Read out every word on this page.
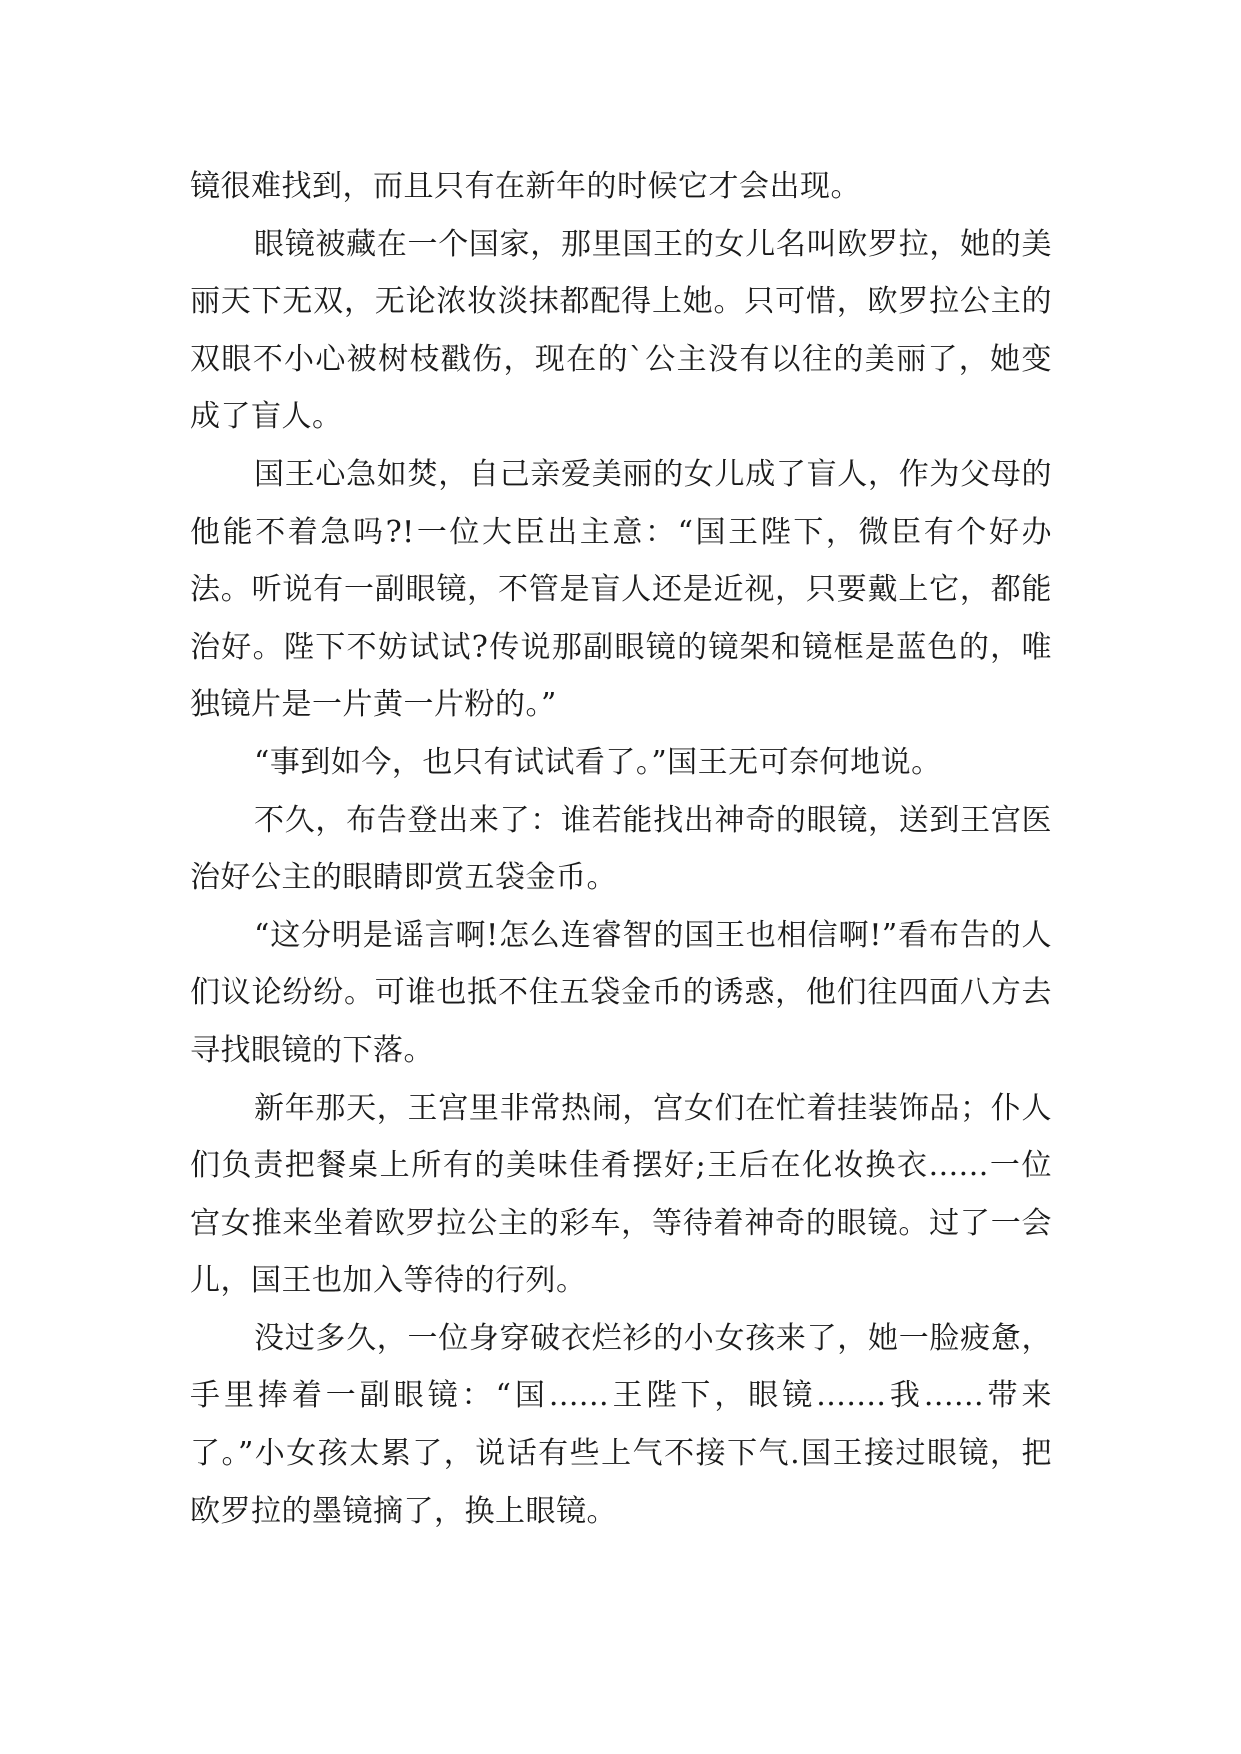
镜很难找到，而且只有在新年的时候它才会出现。

眼镜被藏在一个国家，那里国王的女儿名叫欧罗拉，她的美丽天下无双，无论浓妆淡抹都配得上她。只可惜，欧罗拉公主的双眼不小心被树枝戳伤，现在的`公主没有以往的美丽了，她变成了盲人。

国王心急如焚，自己亲爱美丽的女儿成了盲人，作为父母的他能不着急吗?!一位大臣出主意：“国王陛下，微臣有个好办法。听说有一副眼镜，不管是盲人还是近视，只要戴上它，都能治好。陛下不妨试试?传说那副眼镜的镜架和镜框是蓝色的，唯独镜片是一片黄一片粉的。”

“事到如今，也只有试试看了。”国王无可奈何地说。

不久，布告登出来了：谁若能找出神奇的眼镜，送到王宫医治好公主的眼睛即赏五袋金币。

“这分明是谣言啊!怎么连睿智的国王也相信啊!”看布告的人们议论纷纷。可谁也抵不住五袋金币的诱惑，他们往四面八方去寻找眼镜的下落。

新年那天，王宫里非常热闹，宫女们在忙着挂装饰品；仆人们负责把餐桌上所有的美味佳肴摆好;王后在化妆换衣......一位宫女推来坐着欧罗拉公主的彩车，等待着神奇的眼镜。过了一会儿，国王也加入等待的行列。

没过多久，一位身穿破衣烂衫的小女孩来了，她一脸疲惫，手里捧着一副眼镜：“国......王陛下，眼镜.......我......带来了。”小女孩太累了，说话有些上气不接下气.国王接过眼镜，把欧罗拉的墨镜摘了，换上眼镜。
